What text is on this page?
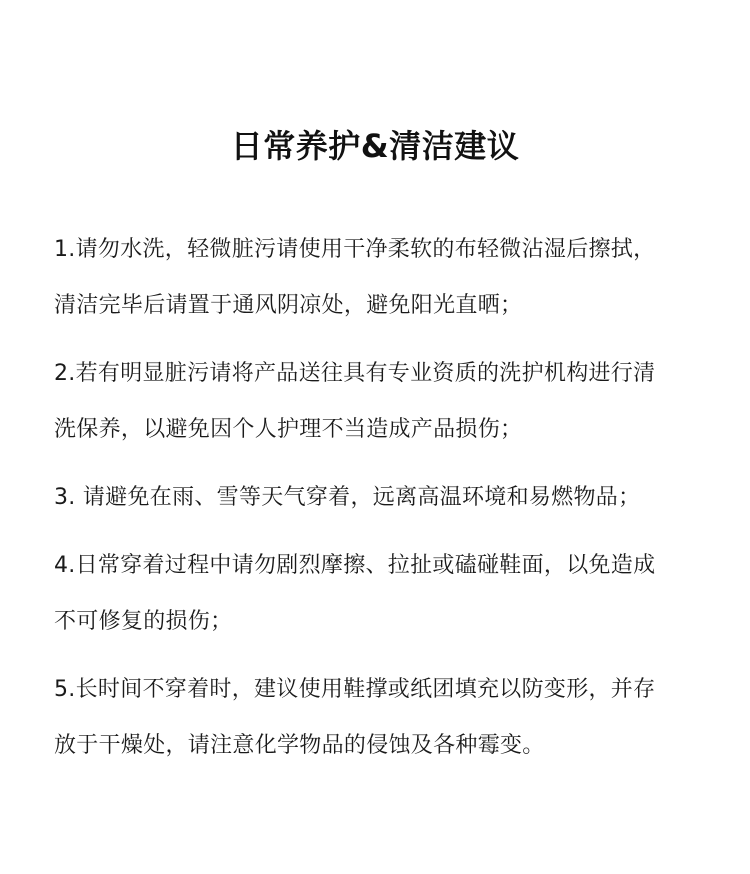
日常养护&清洁建议
1.请勿水洗，轻微脏污请使用干净柔软的布轻微沾湿后擦拭，
清洁完毕后请置于通风阴凉处，避免阳光直晒；
2.若有明显脏污请将产品送往具有专业资质的洗护机构进行清
洗保养，以避免因个人护理不当造成产品损伤；
3. 请避免在雨、雪等天气穿着，远离高温环境和易燃物品；
4.日常穿着过程中请勿剧烈摩擦、拉扯或磕碰鞋面，以免造成
不可修复的损伤；
5.长时间不穿着时，建议使用鞋撑或纸团填充以防变形，并存
放于干燥处，请注意化学物品的侵蚀及各种霉变。
